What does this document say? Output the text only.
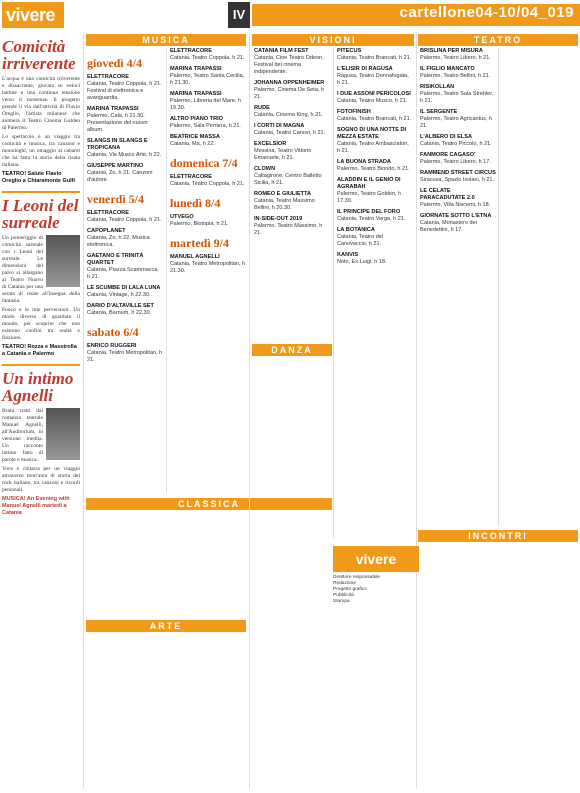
vivere	IV	cartellone04-10/04_019
MUSICA	VISIONI	TEATRO
DANZA
CLASSICA
ARTE
INCONTRI
Comicità irriverente

L'acqua è una comicità irriverente e dissacrante, giocata su veloci battute e una continua tensione verso il nonsense. Il progetto prende il via dall'attività di Flavio Oreglio, l'artista milanese che animerà il Teatro Cinema Golden di Palermo.

Lo spettacolo è un viaggio tra comicità e musica, tra canzoni e monologhi, un omaggio al cabaret che ha fatto la storia della risata italiana.

TEATRO! Salute Flavio Oreglio a Chiaramonte Gulfi
I Leoni del surreale

Un pomeriggio di comicità surreale con i Leoni del surreale. Le dimensioni del palco si allargano al Teatro Nuovo di Catania per una serata di risate all'insegna della fantasia.

Fuoco e le mie perversioni. Un modo diverso di guardare il mondo, per scoprire che non esistono confini tra realtà e finzione.

TEATRO! Rozza e Masstrolla a Catania e Palermo
Un intimo Agnelli

Brani tratti dal romanzo teatrale Manuel Agnelli, all'Auditorium, in versione inedita. Un racconto intimo fatto di parole e musica.

Voce e chitarra per un viaggio attraverso trent'anni di storia del rock italiano, tra canzoni e ricordi personali.

MUSICA! An Evening with Manuel Agnelli martedì a Catania
giovedì 4/4
ELETTRACORE
Catania, Teatro Coppola, h 21. Festival di elettronica e avanguardia.
MARINA TRAPASSI
Palermo, Cala, h 21.30. Presentazione del nuovo album.
SLANGS IN SLANGS E TROPICANA
Catania, Via Musco Arte, h 22.
GIUSEPPE MARTINO
Catania, Zo, h 21. Canzoni d'autore.
venerdì 5/4
ELETTRACORE
Catania, Teatro Coppola, h 21.
CAPOPLANET
Catania, Zo, h 22. Musica elettronica.
GAETANO E TRINITÀ QUARTET
Catania, Piazza Scammacca, h 21.
LE SCUMBE DI LALA LUNA
Catania, Vintage, h 22.30.
DARIO D'ALTAVILLE SET
Catania, Barnum, h 22.30.
sabato 6/4
ENRICO RUGGERI
Catania, Teatro Metropolitan, h 21.
ELETTRACORE
Catania, Teatro Coppola, h 21.
MARINA TRAPASSI
Palermo, Teatro Santa Cecilia, h 21.30.
MARINA TRAPASSI
Palermo, Libreria del Mare, h 19.30.
ALTRO PIANO TRIO
Palermo, Sala Perriera, h 21.
BEATRICE MASSA
Catania, Ma, h 22.
domenica 7/4
ELETTRACORE
Catania, Teatro Coppola, h 21.
lunedì 8/4
UTVEGO
Palermo, Biotopia, h 21.
martedì 9/4
MANUEL AGNELLI
Catania, Teatro Metropolitan, h 21.30.
CATANIA FILM FEST
Catania, Cine Teatro Odeon. Festival del cinema indipendente.
JOHANNA OPPENHEIMER
Palermo, Cinema De Seta, h 21.
RUDE
Catania, Cinema King, h 21.
I CORTI DI MAGNA
Catania, Teatro Canovi, h 21.
EXCELSIOR
Messina, Teatro Vittorio Emanuele, h 21.
CLOWN
Caltagirone, Centro Balletto Sicilia, h 21.
ROMEO E GIULIETTA
Catania, Teatro Massimo Bellini, h 20.30.
IN-SIDE-OUT 2019
Palermo, Teatro Massimo, h 21.
PITECUS
Catania, Teatro Brancati, h 21.
L'ELISIR DI RAGUSA
Ragusa, Teatro Donnafugata, h 21.
I DUE ASSONI PERICOLOSI
Catania, Teatro Musco, h 21.
FOTOFINISH
Catania, Teatro Brancati, h 21.
SOGNO DI UNA NOTTE DI MEZZA ESTATE
Catania, Teatro Ambasciatori, h 21.
LA BUONA STRADA
Palermo, Teatro Biondo, h 21.
ALADDIN E IL GENIO DI AGRABAH
Palermo, Teatro Golden, h 17.30.
IL PRINCIPE DEL FORO
Catania, Teatro Verga, h 21.
LA BOTANICA
Catania, Teatro del Canovaccio, h 21.
KANVIS
Noto, Ex Luigi, h 18.
BRISLINA PER MISURA
Palermo, Teatro Libero, h 21.
IL FIGLIO MANCATO
Palermo, Teatro Bellini, h 21.
RISIKOLLAN
Palermo, Teatro Sala Strehler, h 21.
IL SERGENTE
Palermo, Teatro Agricantus, h 21.
L'ALBERO DI ELSA
Catania, Teatro Piccolo, h 21.
FANMORE CAGASO'
Palermo, Teatro Libero, h 17.
RAMMEND STREET CIRCUS
Siracusa, Spazio Isolani, h 21.
LE CELATE PARACADUTATE 2.0
Palermo, Villa Niscemi, h 18.
GIORNATE SOTTO L'ETNA
Catania, Monastero dei Benedettini, h 17.
vivere
Direttore responsabile
Redazione
Progetto grafico
Pubblicità
Stampa
